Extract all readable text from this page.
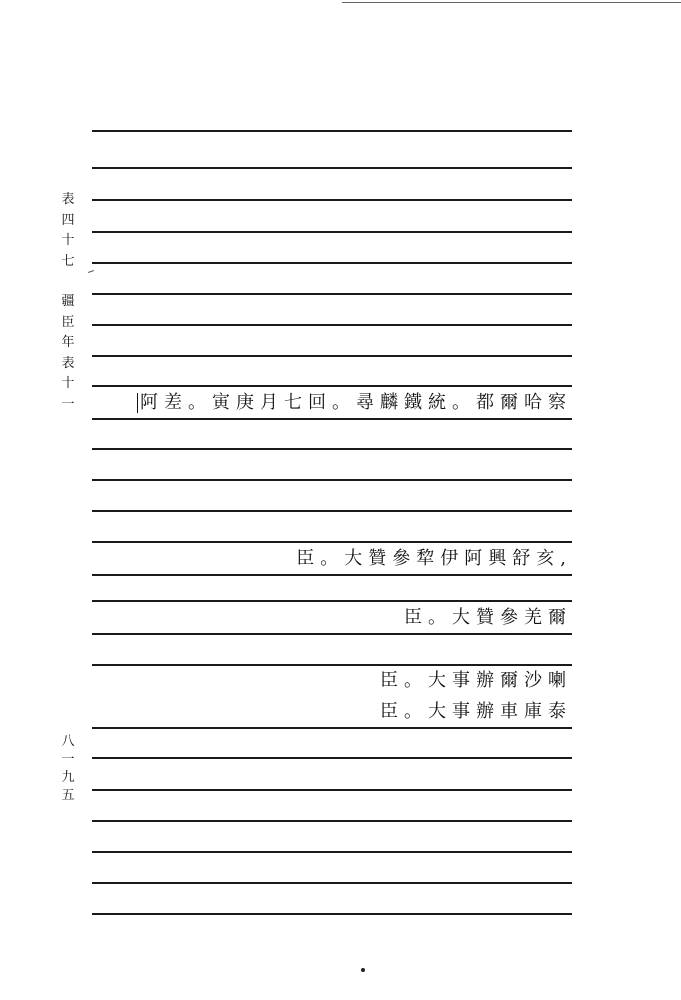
表
四
十
七
疆
臣
年
表
十
一
八
一
九
五
阿差。寅庚月七回。尋麟鐵統。都爾哈察
臣。大贊參犂伊阿興舒亥,
臣。大贊參羌爾
臣。大事辦爾沙喇
臣。大事辦車庫泰
